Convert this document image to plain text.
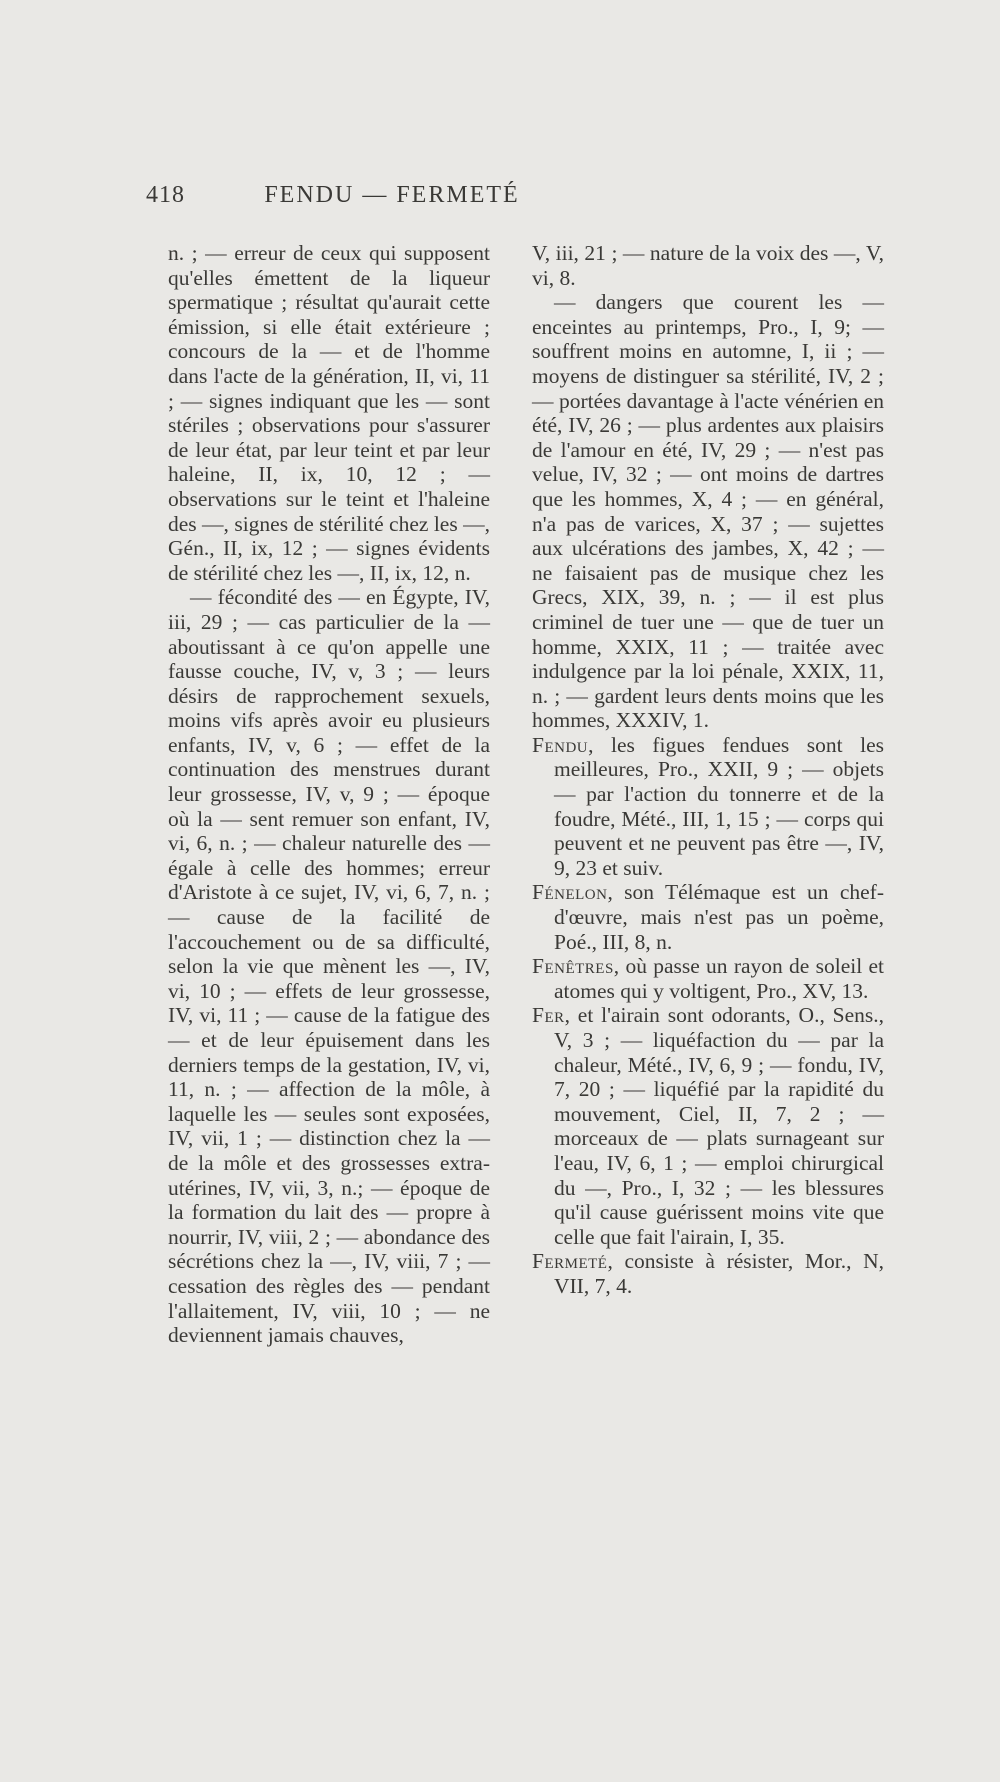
418	FENDU — FERMETÉ

n. ; — erreur de ceux qui supposent qu'elles émettent de la liqueur spermatique ; résultat qu'aurait cette émission, si elle était extérieure ; concours de la — et de l'homme dans l'acte de la génération, II, vi, 11 ; — signes indiquant que les — sont stériles ; observations pour s'assurer de leur état, par leur teint et par leur haleine, II, ix, 10, 12 ; — observations sur le teint et l'haleine des —, signes de stérilité chez les —, Gén., II, ix, 12 ; — signes évidents de stérilité chez les —, II, ix, 12, n.

— fécondité des — en Égypte, IV, iii, 29 ; — cas particulier de la — aboutissant à ce qu'on appelle une fausse couche, IV, v, 3 ; — leurs désirs de rapprochement sexuels, moins vifs après avoir eu plusieurs enfants, IV, v, 6 ; — effet de la continuation des menstrues durant leur grossesse, IV, v, 9 ; — époque où la — sent remuer son enfant, IV, vi, 6, n. ; — chaleur naturelle des — égale à celle des hommes; erreur d'Aristote à ce sujet, IV, vi, 6, 7, n. ; — cause de la facilité de l'accouchement ou de sa difficulté, selon la vie que mènent les —, IV, vi, 10 ; — effets de leur grossesse, IV, vi, 11 ; — cause de la fatigue des — et de leur épuisement dans les derniers temps de la gestation, IV, vi, 11, n. ; — affection de la môle, à laquelle les — seules sont exposées, IV, vii, 1 ; — distinction chez la — de la môle et des grossesses extra-utérines, IV, vii, 3, n.; — époque de la formation du lait des — propre à nourrir, IV, viii, 2 ; — abondance des sécrétions chez la —, IV, viii, 7 ; — cessation des règles des — pendant l'allaitement, IV, viii, 10 ; — ne deviennent jamais chauves,

V, iii, 21 ; — nature de la voix des —, V, vi, 8.

— dangers que courent les — enceintes au printemps, Pro., I, 9; — souffrent moins en automne, I, ii ; — moyens de distinguer sa stérilité, IV, 2 ; — portées davantage à l'acte vénérien en été, IV, 26 ; — plus ardentes aux plaisirs de l'amour en été, IV, 29 ; — n'est pas velue, IV, 32 ; — ont moins de dartres que les hommes, X, 4 ; — en général, n'a pas de varices, X, 37 ; — sujettes aux ulcérations des jambes, X, 42 ; — ne faisaient pas de musique chez les Grecs, XIX, 39, n. ; — il est plus criminel de tuer une — que de tuer un homme, XXIX, 11 ; — traitée avec indulgence par la loi pénale, XXIX, 11, n. ; — gardent leurs dents moins que les hommes, XXXIV, 1.

Fendu, les figues fendues sont les meilleures, Pro., XXII, 9 ; — objets — par l'action du tonnerre et de la foudre, Mété., III, 1, 15 ; — corps qui peuvent et ne peuvent pas être —, IV, 9, 23 et suiv.

Fénelon, son Télémaque est un chef-d'œuvre, mais n'est pas un poème, Poé., III, 8, n.

Fenêtres, où passe un rayon de soleil et atomes qui y voltigent, Pro., XV, 13.

Fer, et l'airain sont odorants, O., Sens., V, 3 ; — liquéfaction du — par la chaleur, Mété., IV, 6, 9 ; — fondu, IV, 7, 20 ; — liquéfié par la rapidité du mouvement, Ciel, II, 7, 2 ; — morceaux de — plats surnageant sur l'eau, IV, 6, 1 ; — emploi chirurgical du —, Pro., I, 32 ; — les blessures qu'il cause guérissent moins vite que celle que fait l'airain, I, 35.

Fermeté, consiste à résister, Mor., N, VII, 7, 4.
